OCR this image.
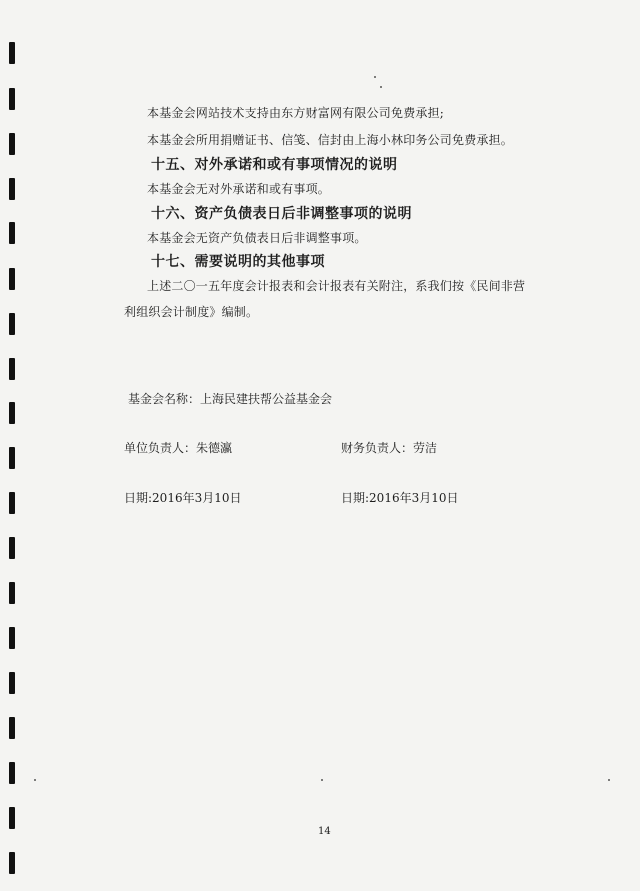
本基金会网站技术支持由东方财富网有限公司免费承担;
本基金会所用捐赠证书、信笺、信封由上海小林印务公司免费承担。
十五、对外承诺和或有事项情况的说明
本基金会无对外承诺和或有事项。
十六、资产负债表日后非调整事项的说明
本基金会无资产负债表日后非调整事项。
十七、需要说明的其他事项
上述二〇一五年度会计报表和会计报表有关附注，系我们按《民间非营
利组织会计制度》编制。
基金会名称：上海民建扶帮公益基金会
单位负责人：朱德瀛	财务负责人：劳洁
日期:2016年3月10日	日期:2016年3月10日
14
